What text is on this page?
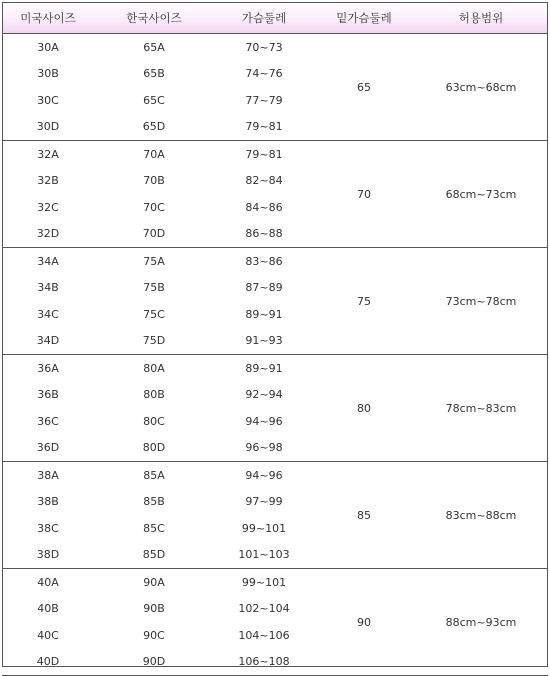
미국사이즈	한국사이즈	가슴둘레	밑가슴둘레	허용범위
30A	65A	70~73	65	63cm~68cm
30B	65B	74~76		
30C	65C	77~79		
30D	65D	79~81		
32A	70A	79~81	70	68cm~73cm
32B	70B	82~84		
32C	70C	84~86		
32D	70D	86~88		
34A	75A	83~86	75	73cm~78cm
34B	75B	87~89		
34C	75C	89~91		
34D	75D	91~93		
36A	80A	89~91	80	78cm~83cm
36B	80B	92~94		
36C	80C	94~96		
36D	80D	96~98		
38A	85A	94~96	85	83cm~88cm
38B	85B	97~99		
38C	85C	99~101		
38D	85D	101~103		
40A	90A	99~101	90	88cm~93cm
40B	90B	102~104		
40C	90C	104~106		
40D	90D	106~108		
